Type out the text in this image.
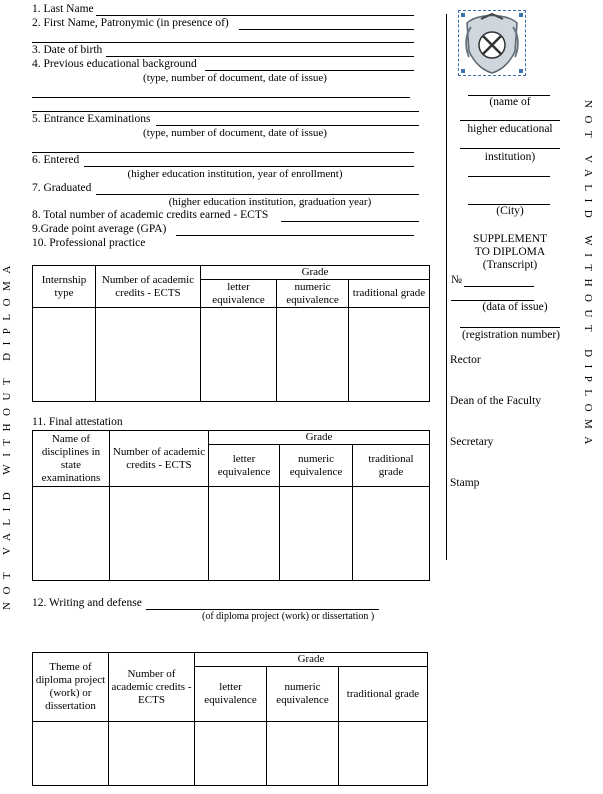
NOT VALID WITHOUT DIPLOMA	NOT VALID WITHOUT DIPLOMA
1. Last Name
2. First Name, Patronymic (in presence of)
3. Date of birth
4. Previous educational background
(type, number of document, date of issue)
5. Entrance Examinations
(type, number of document, date of issue)
6. Entered
(higher education institution, year of enrollment)
7. Graduated
(higher education institution, graduation year)
8. Total number of academic credits earned - ECTS
9.Grade point average (GPA)
10. Professional practice
Internship type	Number of academic credits - ECTS	Grade		
		letter equivalence	numeric equivalence	traditional grade

11. Final attestation
Name of disciplines in state examinations	Number of academic credits - ECTS	Grade		
		letter equivalence	numeric equivalence	traditional grade

12. Writing and defense
(of diploma project (work) or dissertation )
Theme of diploma project (work) or dissertation	Number of academic credits - ECTS	Grade		
		letter equivalence	numeric equivalence	traditional grade

(name of
higher educational
institution)
(City)
SUPPLEMENT
TO DIPLOMA
(Transcript)
№
(data of issue)
(registration number)
Rector
Dean of the Faculty
Secretary
Stamp
